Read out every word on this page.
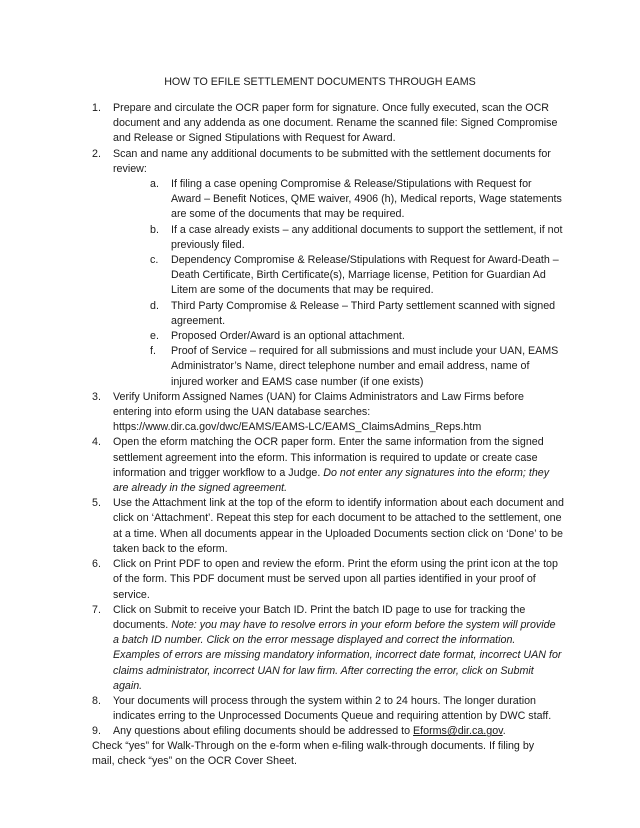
HOW TO EFILE SETTLEMENT DOCUMENTS THROUGH EAMS
1. Prepare and circulate the OCR paper form for signature. Once fully executed, scan the OCR document and any addenda as one document. Rename the scanned file: Signed Compromise and Release or Signed Stipulations with Request for Award.
2. Scan and name any additional documents to be submitted with the settlement documents for review:
a. If filing a case opening Compromise & Release/Stipulations with Request for Award – Benefit Notices, QME waiver, 4906 (h), Medical reports, Wage statements are some of the documents that may be required.
b. If a case already exists – any additional documents to support the settlement, if not previously filed.
c. Dependency Compromise & Release/Stipulations with Request for Award-Death – Death Certificate, Birth Certificate(s), Marriage license, Petition for Guardian Ad Litem are some of the documents that may be required.
d. Third Party Compromise & Release – Third Party settlement scanned with signed agreement.
e. Proposed Order/Award is an optional attachment.
f. Proof of Service – required for all submissions and must include your UAN, EAMS Administrator’s Name, direct telephone number and email address, name of injured worker and EAMS case number (if one exists)
3. Verify Uniform Assigned Names (UAN) for Claims Administrators and Law Firms before entering into eform using the UAN database searches: https://www.dir.ca.gov/dwc/EAMS/EAMS-LC/EAMS_ClaimsAdmins_Reps.htm
4. Open the eform matching the OCR paper form. Enter the same information from the signed settlement agreement into the eform. This information is required to update or create case information and trigger workflow to a Judge. Do not enter any signatures into the eform; they are already in the signed agreement.
5. Use the Attachment link at the top of the eform to identify information about each document and click on ‘Attachment’. Repeat this step for each document to be attached to the settlement, one at a time. When all documents appear in the Uploaded Documents section click on ‘Done’ to be taken back to the eform.
6. Click on Print PDF to open and review the eform. Print the eform using the print icon at the top of the form. This PDF document must be served upon all parties identified in your proof of service.
7. Click on Submit to receive your Batch ID. Print the batch ID page to use for tracking the documents. Note: you may have to resolve errors in your eform before the system will provide a batch ID number. Click on the error message displayed and correct the information. Examples of errors are missing mandatory information, incorrect date format, incorrect UAN for claims administrator, incorrect UAN for law firm. After correcting the error, click on Submit again.
8. Your documents will process through the system within 2 to 24 hours. The longer duration indicates erring to the Unprocessed Documents Queue and requiring attention by DWC staff.
9. Any questions about efiling documents should be addressed to Eforms@dir.ca.gov.

Check “yes” for Walk-Through on the e-form when e-filing walk-through documents. If filing by mail, check “yes” on the OCR Cover Sheet.
